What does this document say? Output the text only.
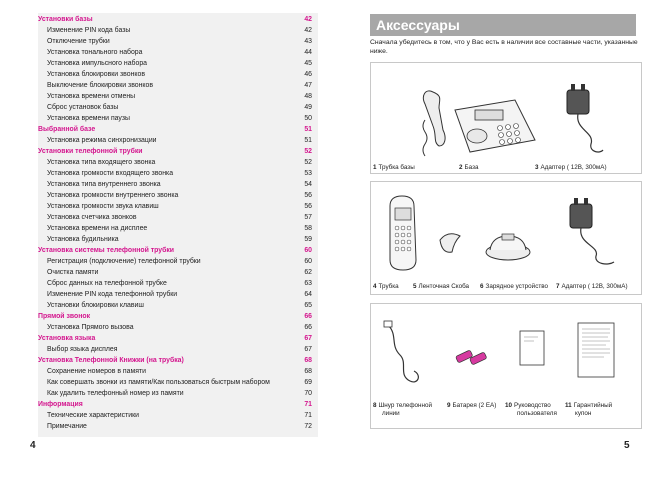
Установки базы	42
Изменение PIN кода базы	42
Отключение трубки	43
Установка тонального набора	44
Установка импульсного набора	45
Установка блокировки звонков	46
Выключение блокировки звонков	47
Установка времени отмены	48
Сброс установок базы	49
Установка времени паузы	50
Выбранной базе	51
Установка режима синхронизации	51
Установки телефонной трубки	52
Установка типа входящего звонка	52
Установка громкости входящего звонка	53
Установка типа внутреннего звонка	54
Установка громкости внутреннего звонка	56
Установка громкости звука клавиш	56
Установка счетчика звонков	57
Установка времени на дисплее	58
Установка будильника	59
Установка системы телефонной трубки	60
Регистрация (подключение) телефонной трубки	60
Очистка памяти	62
Сброс данных на телефонной трубке	63
Изменение PIN кода телефонной трубки	64
Установки блокировки клавиш	65
Прямой звонок	66
Установка Прямого вызова	66
Установка языка	67
Выбор языка дисплея	67
Установка Телефонной Книжки (на трубка)	68
Сохранение номеров в памяти	68
Как совершать звонки из памяти/Как пользоваться быстрым набором	69
Как удалить телефонный номер из памяти	70
Информация	71
Технические характеристики	71
Примечание	72
4
Аксессуары
Сначала убедитесь в том, что у Вас есть в наличии все составные части, указанные ниже.
1 Трубка базы	2 База	3 Адаптер ( 12В, 300мА)
4 Трубка 5 Ленточная Скоба 6 Зарядное устройство 7 Адаптер ( 12В, 300мА)
8 Шнур телефонной
линии
9 Батарея (2 ЕА) 10 Руководство
пользователя
11 Гарантийный
купон
5
